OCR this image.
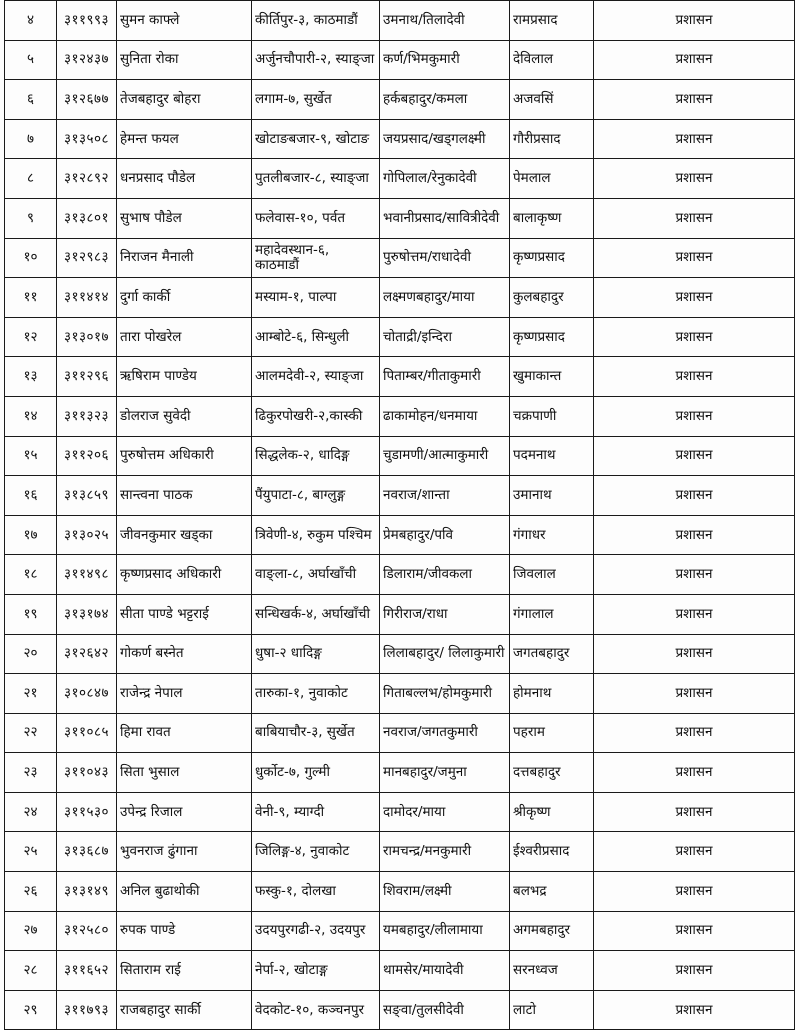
४	३११९९३	सुमन काफ्ले	कीर्तिपुर-३, काठमाडौं	उमनाथ/तिलादेवी	रामप्रसाद	प्रशासन
५	३१२४३७	सुनिता रोका	अर्जुनचौपारी-२, स्याङ्जा	कर्ण/भिमकुमारी	देविलाल	प्रशासन
६	३१२६७७	तेजबहादुर बोहरा	लगाम-७, सुर्खेत	हर्कबहादुर/कमला	अजवसिं	प्रशासन
७	३१३५०८	हेमन्त फयल	खोटाङबजार-९, खोटाङ	जयप्रसाद/खड्गलक्ष्मी	गौरीप्रसाद	प्रशासन
८	३१२८९२	धनप्रसाद पौडेल	पुतलीबजार-८, स्याङ्जा	गोपिलाल/रेनुकादेवी	पेमलाल	प्रशासन
९	३१३८०१	सुभाष पौडेल	फलेवास-१०, पर्वत	भवानीप्रसाद/सावित्रीदेवी	बालाकृष्ण	प्रशासन
१०	३१२९८३	निराजन मैनाली	महादेवस्थान-६, काठमाडौं	पुरुषोत्तम/राधादेवी	कृष्णप्रसाद	प्रशासन
११	३११४१४	दुर्गा कार्की	मस्याम-१, पाल्पा	लक्ष्मणबहादुर/माया	कुलबहादुर	प्रशासन
१२	३१३०१७	तारा पोखरेल	आम्बोटे-६, सिन्धुली	चोताद्री/इन्दिरा	कृष्णप्रसाद	प्रशासन
१३	३११२९६	ऋषिराम पाण्डेय	आलमदेवी-२, स्याङ्जा	पिताम्बर/गीताकुमारी	खुमाकान्त	प्रशासन
१४	३११३२३	डोलराज सुवेदी	ढिकुरपोखरी-२,कास्की	ढाकामोहन/धनमाया	चक्रपाणी	प्रशासन
१५	३११२०६	पुरुषोत्तम अधिकारी	सिद्धलेक-२, धादिङ्ग	चुडामणी/आत्माकुमारी	पदमनाथ	प्रशासन
१६	३१३८५९	सान्त्वना पाठक	पैंयुपाटा-८, बाग्लुङ्ग	नवराज/शान्ता	उमानाथ	प्रशासन
१७	३१३०२५	जीवनकुमार खड्का	त्रिवेणी-४, रुकुम पश्चिम	प्रेमबहादुर/पवि	गंगाधर	प्रशासन
१८	३११४९८	कृष्णप्रसाद अधिकारी	वाङ्ला-८, अर्घाखाँची	डिलाराम/जीवकला	जिवलाल	प्रशासन
१९	३१३१७४	सीता पाण्डे भट्टराई	सन्धिखर्क-४, अर्घाखाँची	गिरीराज/राधा	गंगालाल	प्रशासन
२०	३१२६४२	गोकर्ण बस्नेत	धुषा-२ धादिङ्ग	लिलाबहादुर/ लिलाकुमारी	जगतबहादुर	प्रशासन
२१	३१०८४७	राजेन्द्र नेपाल	तारुका-१, नुवाकोट	गिताबल्लभ/होमकुमारी	होमनाथ	प्रशासन
२२	३११०८५	हिमा रावत	बाबियाचौर-३, सुर्खेत	नवराज/जगतकुमारी	पहराम	प्रशासन
२३	३११०४३	सिता भुसाल	धुर्कोट-७, गुल्मी	मानबहादुर/जमुना	दत्तबहादुर	प्रशासन
२४	३११५३०	उपेन्द्र रिजाल	वेनी-९, म्याग्दी	दामोदर/माया	श्रीकृष्ण	प्रशासन
२५	३१३६८७	भुवनराज ढुंगाना	जिलिङ्ग-४, नुवाकोट	रामचन्द्र/मनकुमारी	ईश्वरीप्रसाद	प्रशासन
२६	३१३१४९	अनिल बुढाथोकी	फस्कु-१, दोलखा	शिवराम/लक्ष्मी	बलभद्र	प्रशासन
२७	३१२५८०	रुपक पाण्डे	उदयपुरगढी-२, उदयपुर	यमबहादुर/लीलामाया	अगमबहादुर	प्रशासन
२८	३११६५२	सिताराम राई	नेर्पा-२, खोटाङ्ग	थामसेर/मायादेवी	सरनध्वज	प्रशासन
२९	३११७९३	राजबहादुर सार्की	वेदकोट-१०, कञ्चनपुर	सङ्वा/तुलसीदेवी	लाटो	प्रशासन
